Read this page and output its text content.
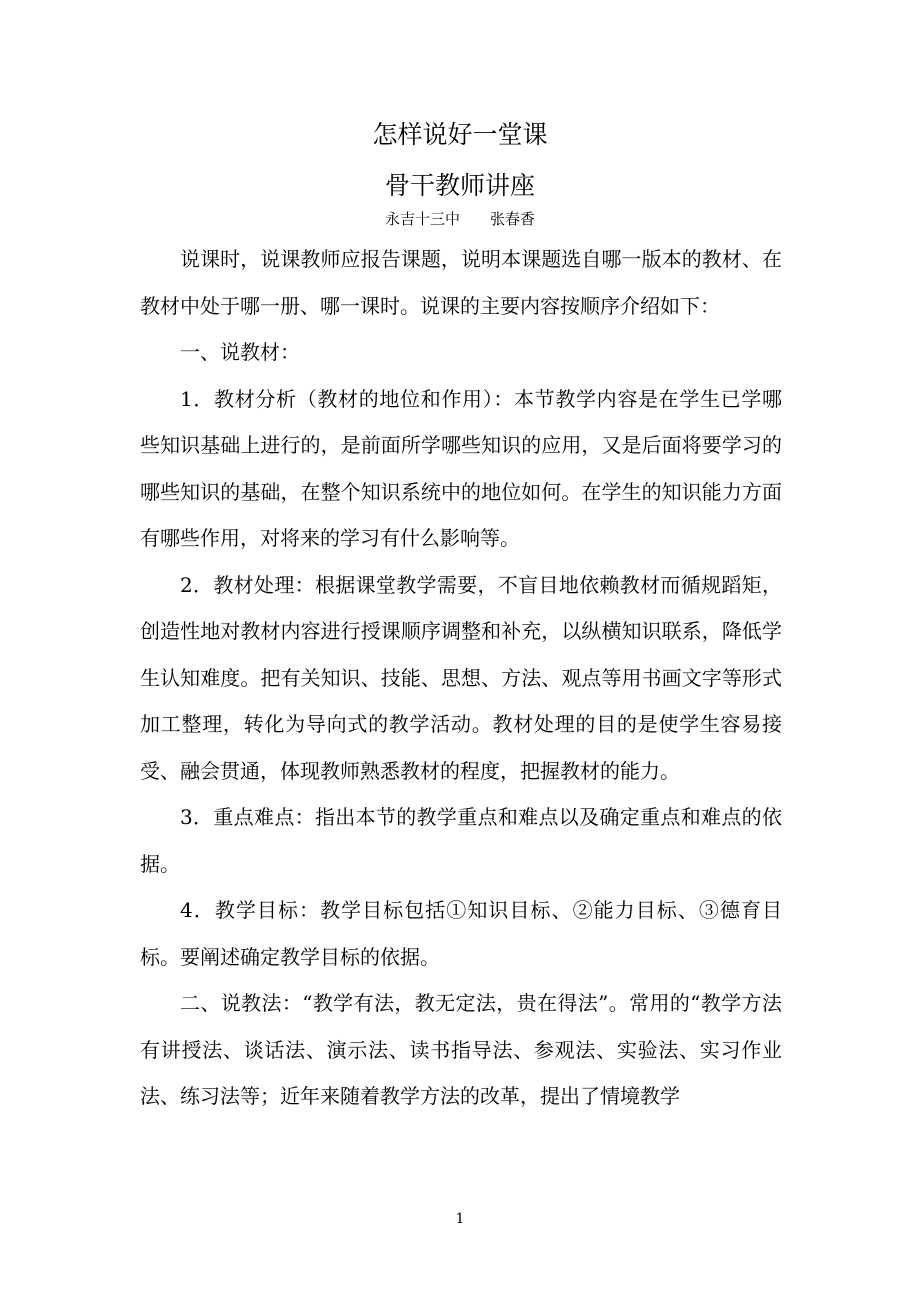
怎样说好一堂课
骨干教师讲座
永吉十三中 张春香

说课时，说课教师应报告课题，说明本课题选自哪一版本的教材、在教材中处于哪一册、哪一课时。说课的主要内容按顺序介绍如下：

一、说教材：

1．教材分析（教材的地位和作用）：本节教学内容是在学生已学哪些知识基础上进行的，是前面所学哪些知识的应用，又是后面将要学习的哪些知识的基础，在整个知识系统中的地位如何。在学生的知识能力方面有哪些作用，对将来的学习有什么影响等。

2．教材处理：根据课堂教学需要，不盲目地依赖教材而循规蹈矩，创造性地对教材内容进行授课顺序调整和补充，以纵横知识联系，降低学生认知难度。把有关知识、技能、思想、方法、观点等用书画文字等形式加工整理，转化为导向式的教学活动。教材处理的目的是使学生容易接受、融会贯通，体现教师熟悉教材的程度，把握教材的能力。

3．重点难点：指出本节的教学重点和难点以及确定重点和难点的依据。

4．教学目标：教学目标包括①知识目标、②能力目标、③德育目标。要阐述确定教学目标的依据。

二、说教法：“教学有法，教无定法，贵在得法”。常用的“教学方法有讲授法、谈话法、演示法、读书指导法、参观法、实验法、实习作业法、练习法等；近年来随着教学方法的改革，提出了情境教学

1
